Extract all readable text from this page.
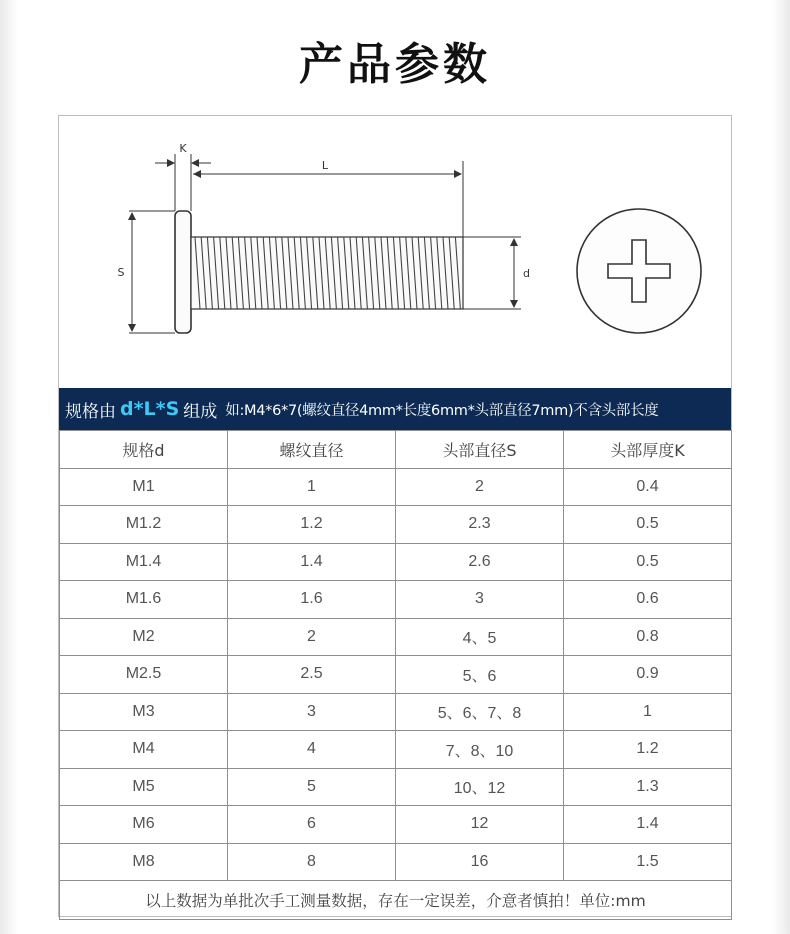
产品参数
K
L
S	d
规格由 d*L*S 组成 如:M4*6*7(螺纹直径4mm*长度6mm*头部直径7mm)不含头部长度
规格d	螺纹直径	头部直径S	头部厚度K
M1	1	2	0.4
M1.2	1.2	2.3	0.5
M1.4	1.4	2.6	0.5
M1.6	1.6	3	0.6
M2	2	4、5	0.8
M2.5	2.5	5、6	0.9
M3	3	5、6、7、8	1
M4	4	7、8、10	1.2
M5	5	10、12	1.3
M6	6	12	1.4
M8	8	16	1.5
以上数据为单批次手工测量数据，存在一定误差，介意者慎拍！单位:mm			
